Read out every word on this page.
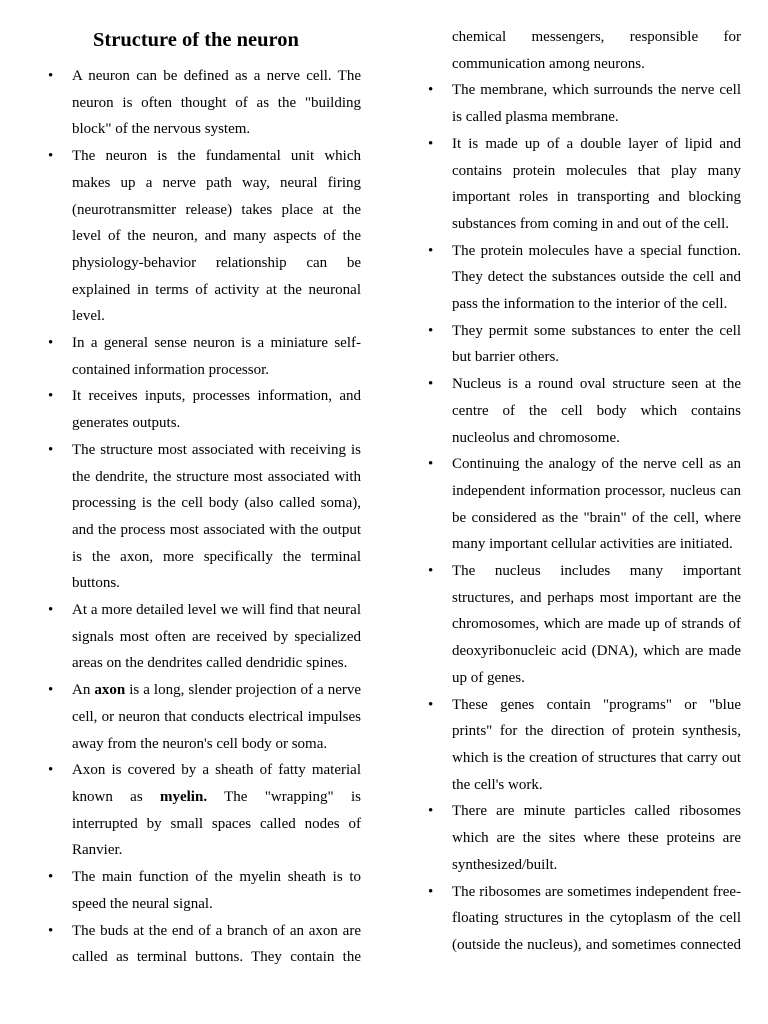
Structure of the neuron
• A neuron can be defined as a nerve cell. The neuron is often thought of as the "building block" of the nervous system.
• The neuron is the fundamental unit which makes up a nerve path way, neural firing (neurotransmitter release) takes place at the level of the neuron, and many aspects of the physiology-behavior relationship can be explained in terms of activity at the neuronal level.
• In a general sense neuron is a miniature self-contained information processor.
• It receives inputs, processes information, and generates outputs.
• The structure most associated with receiving is the dendrite, the structure most associated with processing is the cell body (also called soma), and the process most associated with the output is the axon, more specifically the terminal buttons.
• At a more detailed level we will find that neural signals most often are received by specialized areas on the dendrites called dendridic spines.
• An axon is a long, slender projection of a nerve cell, or neuron that conducts electrical impulses away from the neuron's cell body or soma.
• Axon is covered by a sheath of fatty material known as myelin. The "wrapping" is interrupted by small spaces called nodes of Ranvier.
• The main function of the myelin sheath is to speed the neural signal.
• The buds at the end of a branch of an axon are called as terminal buttons. They contain the
chemical messengers, responsible for communication among neurons.
• The membrane, which surrounds the nerve cell is called plasma membrane.
• It is made up of a double layer of lipid and contains protein molecules that play many important roles in transporting and blocking substances from coming in and out of the cell.
• The protein molecules have a special function. They detect the substances outside the cell and pass the information to the interior of the cell.
• They permit some substances to enter the cell but barrier others.
• Nucleus is a round oval structure seen at the centre of the cell body which contains nucleolus and chromosome.
• Continuing the analogy of the nerve cell as an independent information processor, nucleus can be considered as the "brain" of the cell, where many important cellular activities are initiated.
• The nucleus includes many important structures, and perhaps most important are the chromosomes, which are made up of strands of deoxyribonucleic acid (DNA), which are made up of genes.
• These genes contain "programs" or "blue prints" for the direction of protein synthesis, which is the creation of structures that carry out the cell's work.
• There are minute particles called ribosomes which are the sites where these proteins are synthesized/built.
• The ribosomes are sometimes independent free-floating structures in the cytoplasm of the cell (outside the nucleus), and sometimes connected
